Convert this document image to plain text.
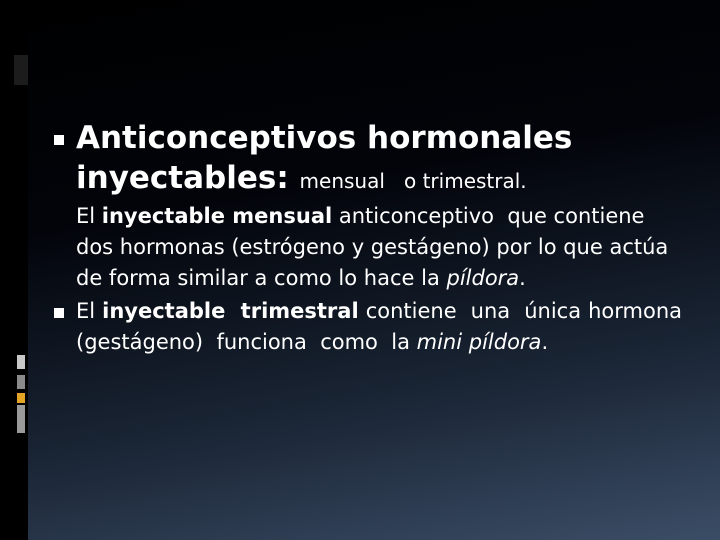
Anticonceptivos hormonales

inyectables: mensual   o trimestral.

El inyectable mensual anticonceptivo  que contiene dos hormonas (estrógeno y gestágeno) por lo que actúa de forma similar a como lo hace la píldora.

El inyectable  trimestral contiene  una  única hormona  (gestágeno)  funciona  como  la mini píldora.
